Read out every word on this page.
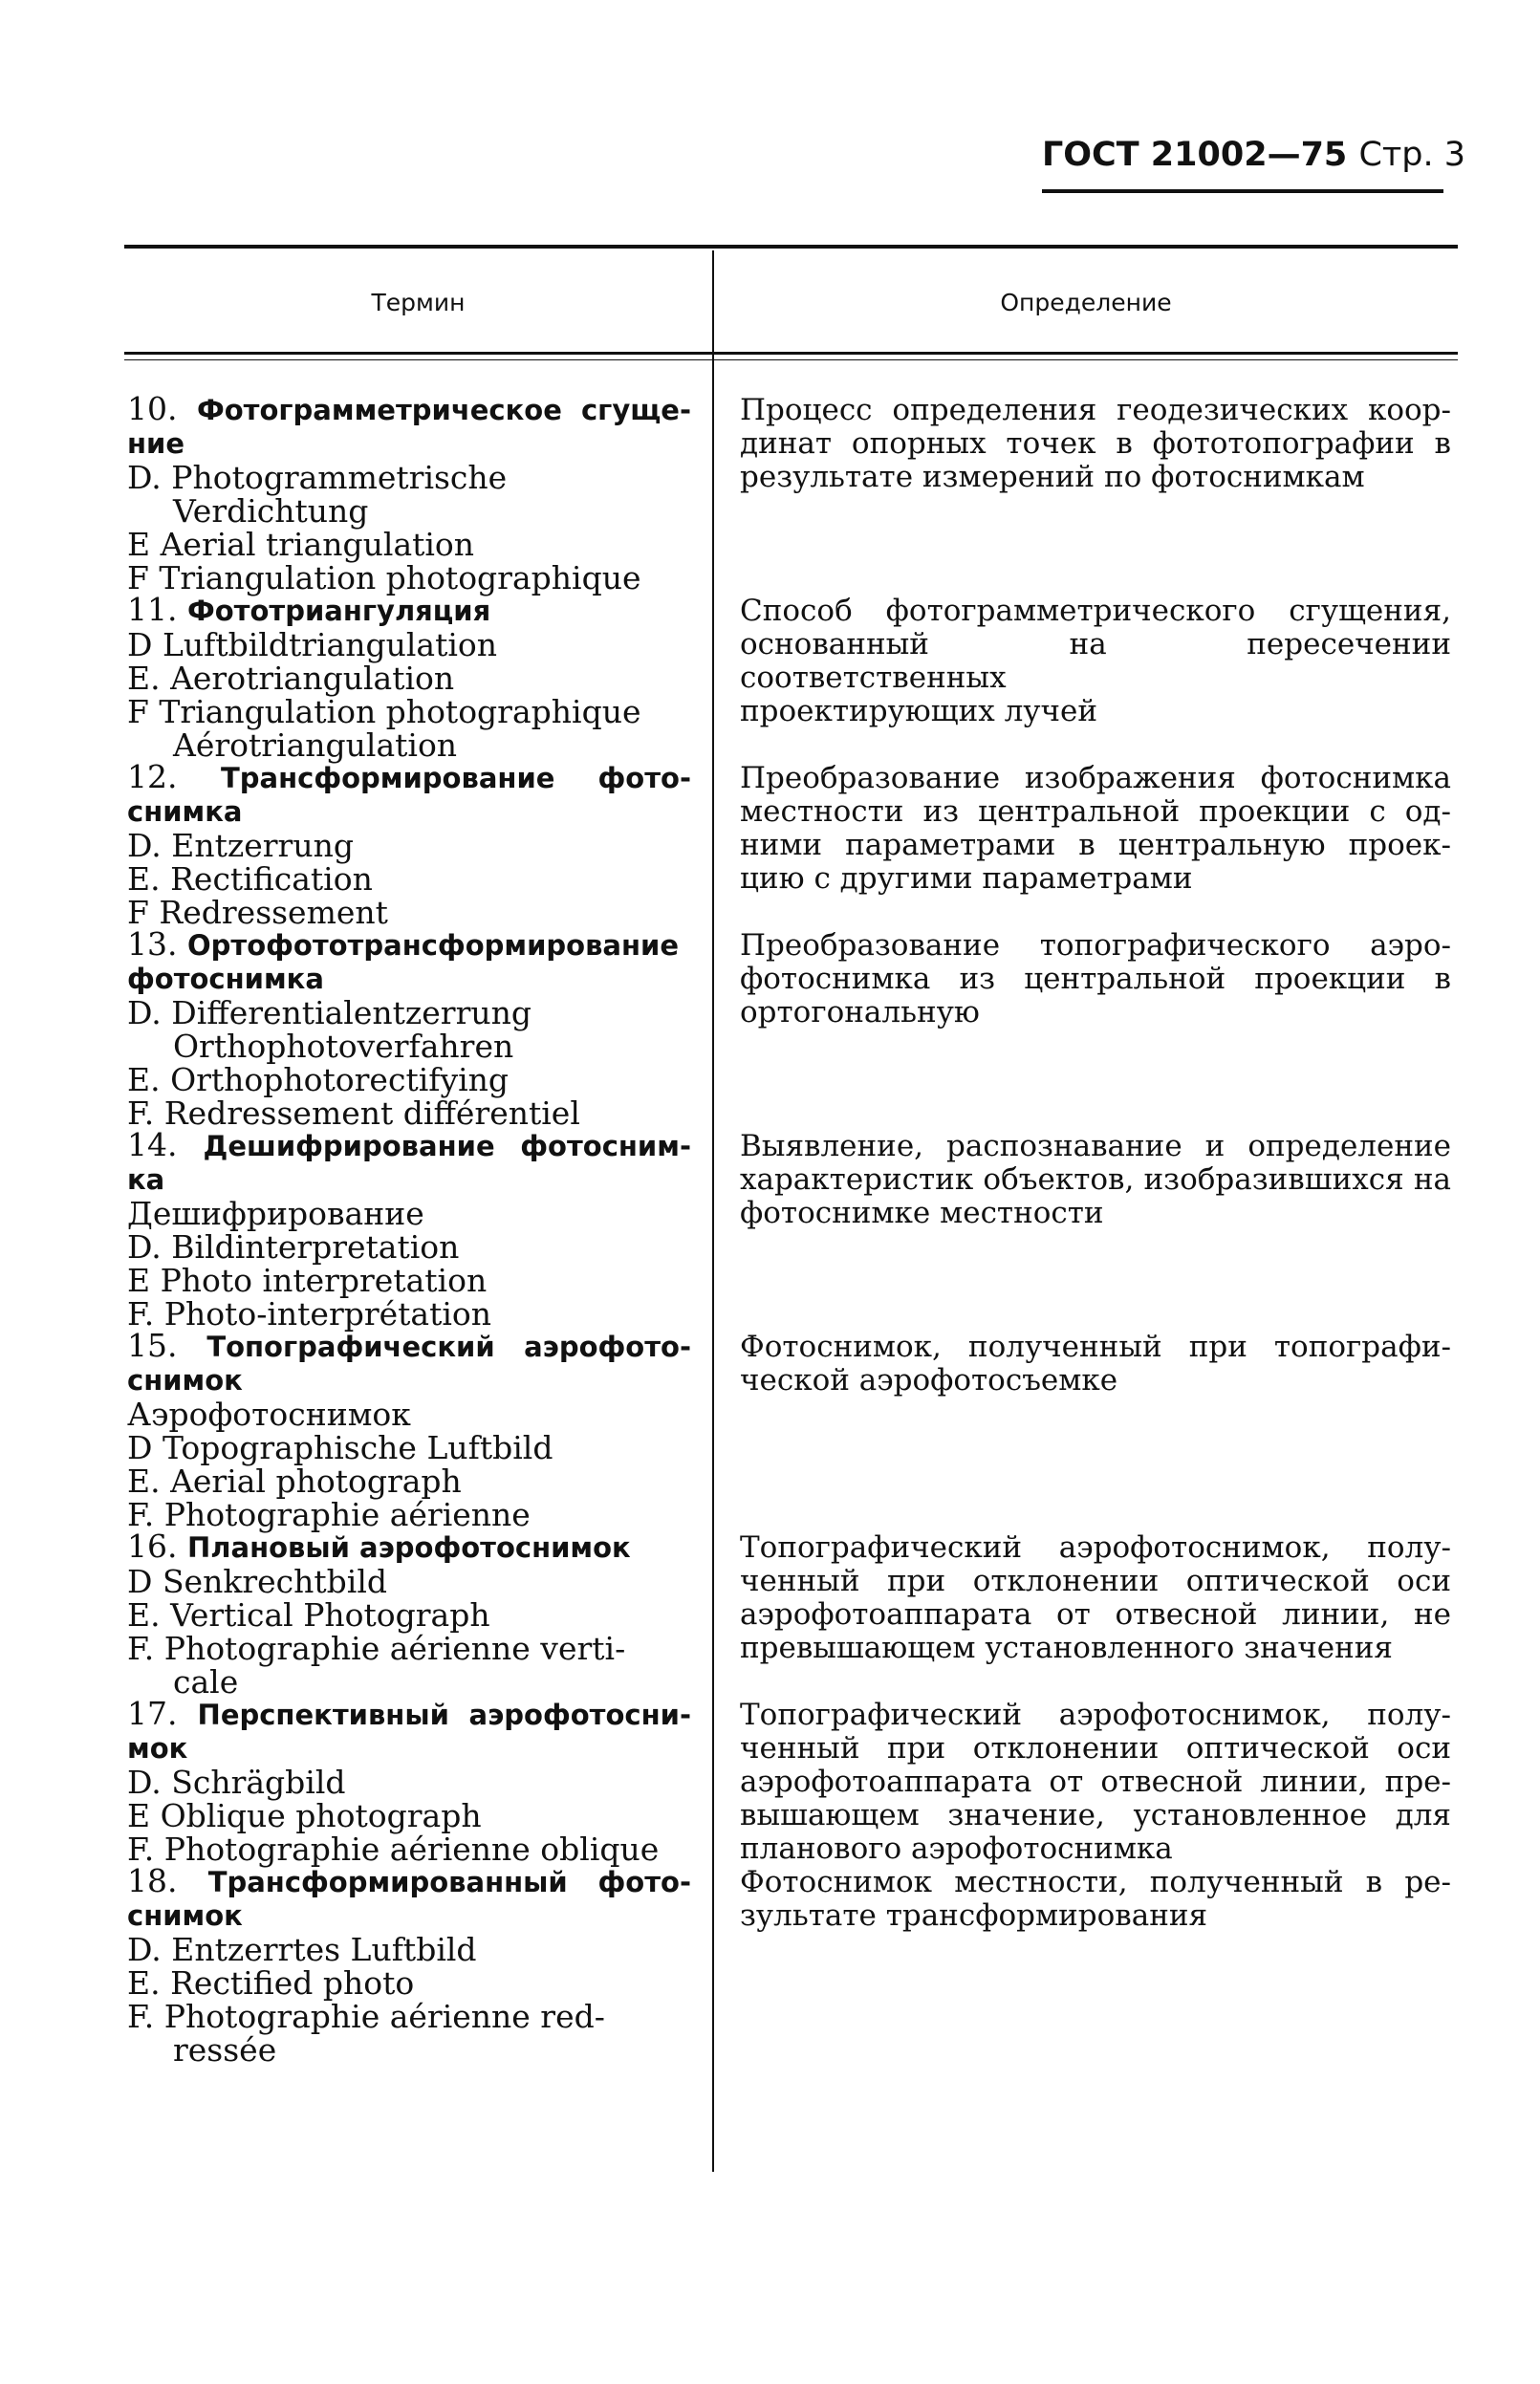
ГОСТ 21002—75 Стр. 3
Термин	Определение
10. Фотограмметрическое сгуще-
ние
D. Photogrammetrische
Verdichtung
E Aerial triangulation
F Triangulation photographique
11. Фототриангуляция
D Luftbildtriangulation
E. Aerotriangulation
F Triangulation photographique
Aérotriangulation
12. Трансформирование фото-
снимка
D. Entzerrung
E. Rectification
F Redressement
13. Ортофототрансформирование
фотоснимка
D. Differentialentzerrung
Orthophotoverfahren
E. Orthophotorectifying
F. Redressement différentiel
14. Дешифрирование фотосним-
ка
Дешифрирование
D. Bildinterpretation
E Photo interpretation
F. Photo-interprétation
15. Топографический аэрофото-
снимок
Аэрофотоснимок
D Topographische Luftbild
E. Aerial photograph
F. Photographie aérienne
16. Плановый аэрофотоснимок
D Senkrechtbild
E. Vertical Photograph
F. Photographie aérienne verti-
cale
17. Перспективный аэрофотосни-
мок
D. Schrägbild
E Oblique photograph
F. Photographie aérienne oblique
18. Трансформированный фото-
снимок
D. Entzerrtes Luftbild
E. Rectified photo
F. Photographie aérienne red-
ressée
Процесс определения геодезических коор-
динат опорных точек в фототопографии в
результате измерений по фотоснимкам
Способ фотограмметрического сгущения,
основанный на пересечении соответственных
проектирующих лучей
Преобразование изображения фотоснимка
местности из центральной проекции с од-
ними параметрами в центральную проек-
цию с другими параметрами
Преобразование топографического аэро-
фотоснимка из центральной проекции в
ортогональную
Выявление, распознавание и определение
характеристик объектов, изобразившихся на
фотоснимке местности
Фотоснимок, полученный при топографи-
ческой аэрофотосъемке
Топографический аэрофотоснимок, полу-
ченный при отклонении оптической оси
аэрофотоаппарата от отвесной линии, не
превышающем установленного значения
Топографический аэрофотоснимок, полу-
ченный при отклонении оптической оси
аэрофотоаппарата от отвесной линии, пре-
вышающем значение, установленное для
планового аэрофотоснимка
Фотоснимок местности, полученный в ре-
зультате трансформирования
